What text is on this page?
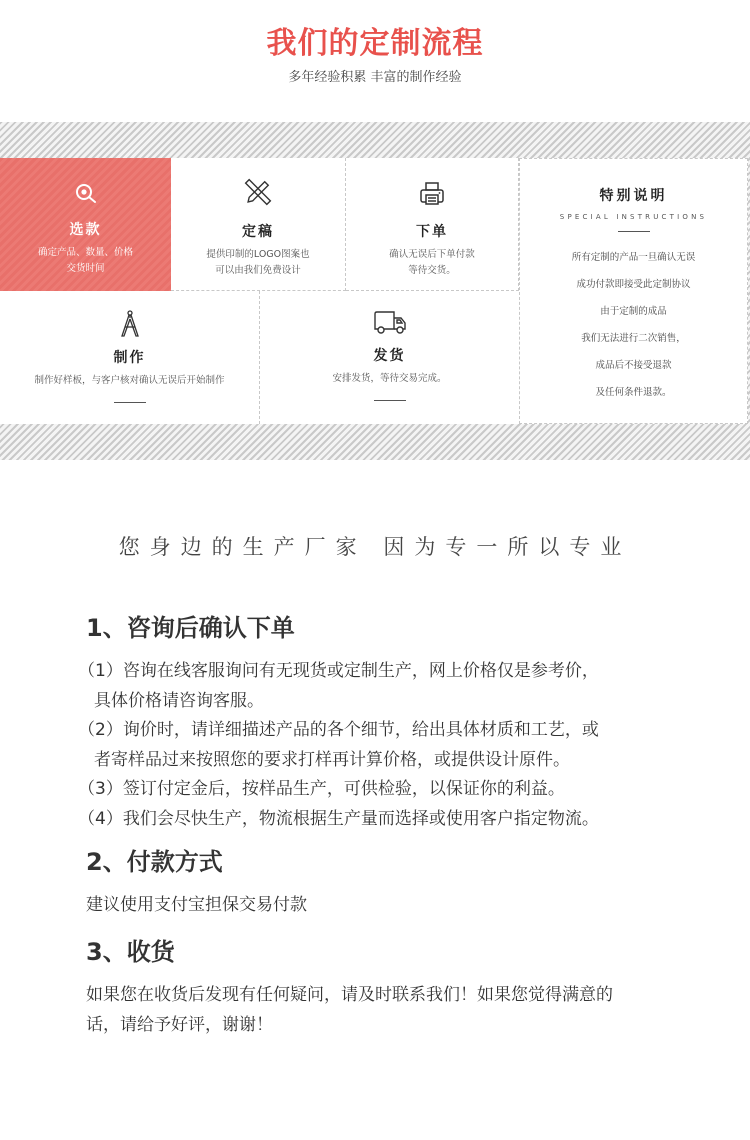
我们的定制流程
多年经验积累 丰富的制作经验
选款
确定产品、数量、价格
交货时间
定稿
提供印制的LOGO图案也
可以由我们免费设计
下单
确认无误后下单付款
等待交货。
制作
制作好样板，与客户核对确认无误后开始制作
发货
安排发货，等待交易完成。
特别说明
SPECIAL INSTRUCTIONS
所有定制的产品一旦确认无误
成功付款即接受此定制协议
由于定制的成品
我们无法进行二次销售，
成品后不接受退款
及任何条件退款。
您身边的生产厂家 因为专一所以专业
1、咨询后确认下单
（1）咨询在线客服询问有无现货或定制生产，网上价格仅是参考价，
具体价格请咨询客服。
（2）询价时，请详细描述产品的各个细节，给出具体材质和工艺，或
者寄样品过来按照您的要求打样再计算价格，或提供设计原件。
（3）签订付定金后，按样品生产，可供检验，以保证你的利益。
（4）我们会尽快生产，物流根据生产量而选择或使用客户指定物流。
2、付款方式
建议使用支付宝担保交易付款
3、收货
如果您在收货后发现有任何疑问，请及时联系我们！如果您觉得满意的
话，请给予好评，谢谢！
